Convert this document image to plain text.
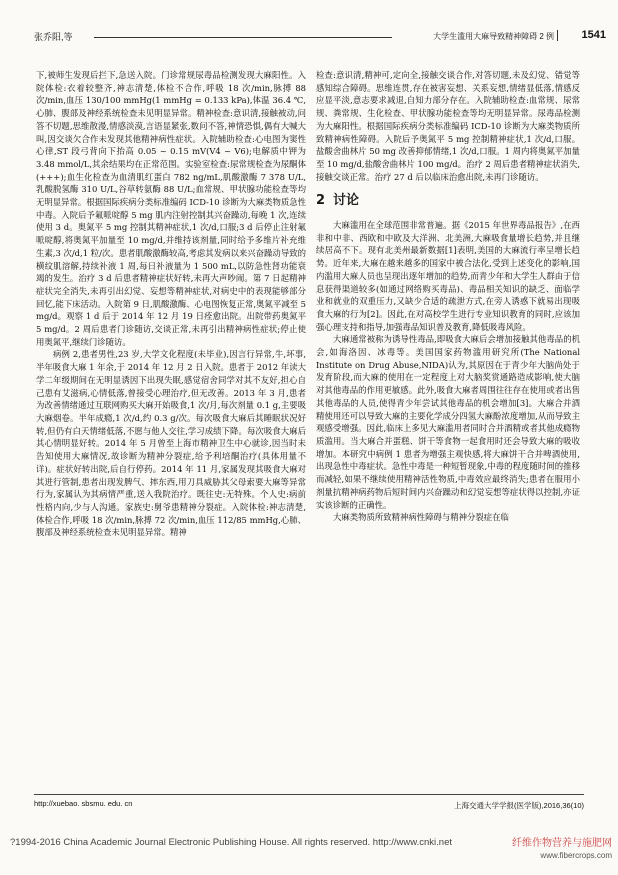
张乔阳,等	大学生滥用大麻导致精神障碍 2 例	1541

下,被师生发现后拦下,急送入院。门诊常规尿毒品检测发现大麻阳性。入院体检:衣着较整齐,神志清楚,体检不合作,呼吸 18 次/min,脉搏 88 次/min,血压 130/100 mmHg(1 mmHg = 0.133 kPa),体温 36.4 ℃,心肺、腹部及神经系统检查未见明显异常。精神检查:意识清,接触被动,问答不切题,思维散漫,情感淡漠,言语显紧张,数问不答,神情恐惧,偶有大喊大叫,因交谈欠合作未发现其他精神病性症状。入院辅助检查:心电图为窦性心律,ST 段弓背向下抬高 0.05 ~ 0.15 mV(V4 ~ V6);电解质中钾为 3.48 mmol/L,其余结果均在正常范围。实验室检查:尿常规检查为尿酮体(+++);血生化检查为血清肌红蛋白 782 ng/mL,肌酸激酶 7 378 U/L,乳酸脱氢酶 310 U/L,谷草转氨酶 88 U/L;血常规、甲状腺功能检查等均无明显异常。根据国际疾病分类标准编码 ICD-10 诊断为大麻类物质急性中毒。入院后予氟哌啶醇 5 mg 肌内注射控制其兴奋躁动,每晚 1 次,连续使用 3 d。奥氮平 5 mg 控制其精神症状,1 次/d,口服;3 d 后停止注射氟哌啶醇,将奥氮平加量至 10 mg/d,并维持该剂量,同时给予多维片补充维生素,3 次/d,1 粒/次。患者肌酸激酶较高,考虑其发病以来兴奋躁动导致的横纹肌溶解,持续补液 1 周,每日补液量为 1 500 mL,以防急性肾功能衰竭的发生。治疗 3 d 后患者精神症状好转,未再大声吵闹。第 7 日起精神症状完全消失,未再引出幻觉、妄想等精神症状,对病史中的表现能够部分回忆,能下床活动。入院第 9 日,肌酸激酶、心电图恢复正常,奥氮平减至 5 mg/d。观察 1 d 后于 2014 年 12 月 19 日痊愈出院。出院带药奥氮平 5 mg/d。2 周后患者门诊随访,交谈正常,未再引出精神病性症状;停止使用奥氮平,继续门诊随访。

病例 2,患者男性,23 岁,大学文化程度(未毕业),因言行异常,牛,坏事,半年吸食大麻 1 年余,于 2014 年 12 月 2 日入院。患者于 2012 年读大学二年级期间在无明显诱因下出现失眠,感觉宿舍同学对其不友好,担心自己患有艾滋病,心情低落,曾接受心理治疗,但无改善。2013 年 3 月,患者为改善情绪通过互联网购买大麻开始吸食,1 次/月,每次剂量 0.1 g,主要吸大麻烟卷。半年成瘾,1 次/d,约 0.3 g/次。每次吸食大麻后其睡眠状况好转,但仍有白天情绪低落,不愿与他人交往,学习成绩下降。每次吸食大麻后其心情明显好转。2014 年 5 月曾至上海市精神卫生中心就诊,因当时未告知使用大麻情况,故诊断为精神分裂症,给予利培酮治疗(具体用量不详)。症状好转出院,后自行停药。2014 年 11 月,家属发现其吸食大麻对其进行管制,患者出现发脾气、摔东西,用刀具威胁其父母索要大麻等异常行为,家属认为其病情严重,送入我院治疗。既往史:无特殊。个人史:病前性格内向,少与人沟通。家族史:舅爷患精神分裂症。入院体检:神志清楚,体检合作,呼吸 18 次/min,脉搏 72 次/min,血压 112/85 mmHg,心肺、腹部及神经系统检查未见明显异常。精神

检查:意识清,精神可,定向全,接触交谈合作,对答切题,未及幻觉、错觉等感知综合障碍。思维连贯,存在被害妄想、关系妄想,情绪显低落,情感反应显平淡,意志要求减退,自知力部分存在。入院辅助检查:血常规、尿常规、粪常规、生化检查、甲状腺功能检查等均无明显异常。尿毒品检测为大麻阳性。根据国际疾病分类标准编码 ICD-10 诊断为大麻类物质所致精神病性障碍。入院后予奥氮平 5 mg 控制精神症状,1 次/d,口服。盐酸舍曲林片 50 mg 改善抑郁情绪,1 次/d,口服。1 周内将奥氮平加量至 10 mg/d,盐酸舍曲林片 100 mg/d。治疗 2 周后患者精神症状消失,接触交谈正常。治疗 27 d 后以临床治愈出院,未再门诊随访。

2 讨论

大麻滥用在全球范围非常普遍。据《2015 年世界毒品报告》,在西非和中非、西欧和中欧及大洋洲、北美洲,大麻吸食量增长趋势,并且继续居高不下。现有北美州最新数据[1]表明,美国的大麻流行率呈增长趋势。近年来,大麻在越来越多的国家中被合法化,受到上述变化的影响,国内滥用大麻人员也呈现出逐年增加的趋势,而青少年和大学生人群由于信息获得渠道较多(如通过网络购买毒品)、毒品相关知识的缺乏、面临学业和就业的双重压力,又缺少合适的疏泄方式,在旁人诱惑下就易出现吸食大麻的行为[2]。因此,在对高校学生进行专业知识教育的同时,应该加强心理支持和指导,加强毒品知识普及教育,降低吸毒风险。

大麻通常被称为诱导性毒品,即吸食大麻后会增加接触其他毒品的机会,如海洛因、冰毒等。美国国家药物滥用研究所(The National Institute on Drug Abuse,NIDA)认为,其原因在于青少年大脑尚处于发育阶段,而大麻的使用在一定程度上对大脑奖赏通路造成影响,使大脑对其他毒品的作用更敏感。此外,吸食大麻者周围往往存在使用或者出售其他毒品的人员,使得青少年尝试其他毒品的机会增加[3]。大麻合并酒精使用还可以导致大麻的主要化学成分四氢大麻酚浓度增加,从而导致主观感受增强。因此,临床上多见大麻滥用者同时合并酒精或者其他成瘾物质滥用。当大麻合并蛋糕、饼干等食物一起食用时还会导致大麻的吸收增加。本研究中病例 1 患者为增强主观快感,将大麻饼干合并啤酒使用,出现急性中毒症状。急性中毒是一种短暂现象,中毒的程度随时间的推移而减轻,如果不继续使用精神活性物质,中毒效应最终消失;患者在服用小剂量抗精神病药物后短时间内兴奋躁动和幻觉妄想等症状得以控制,亦证实该诊断的正确性。

大麻类物质所致精神病性障碍与精神分裂症在临

http://xuebao. sbsmu. edu. cn	上海交通大学学报(医学版),2016,36(10)
?1994-2016 China Academic Journal Electronic Publishing House. All rights reserved. http://www.cnki.net	纤维作物营养与施肥网
www.fibercrops.com
